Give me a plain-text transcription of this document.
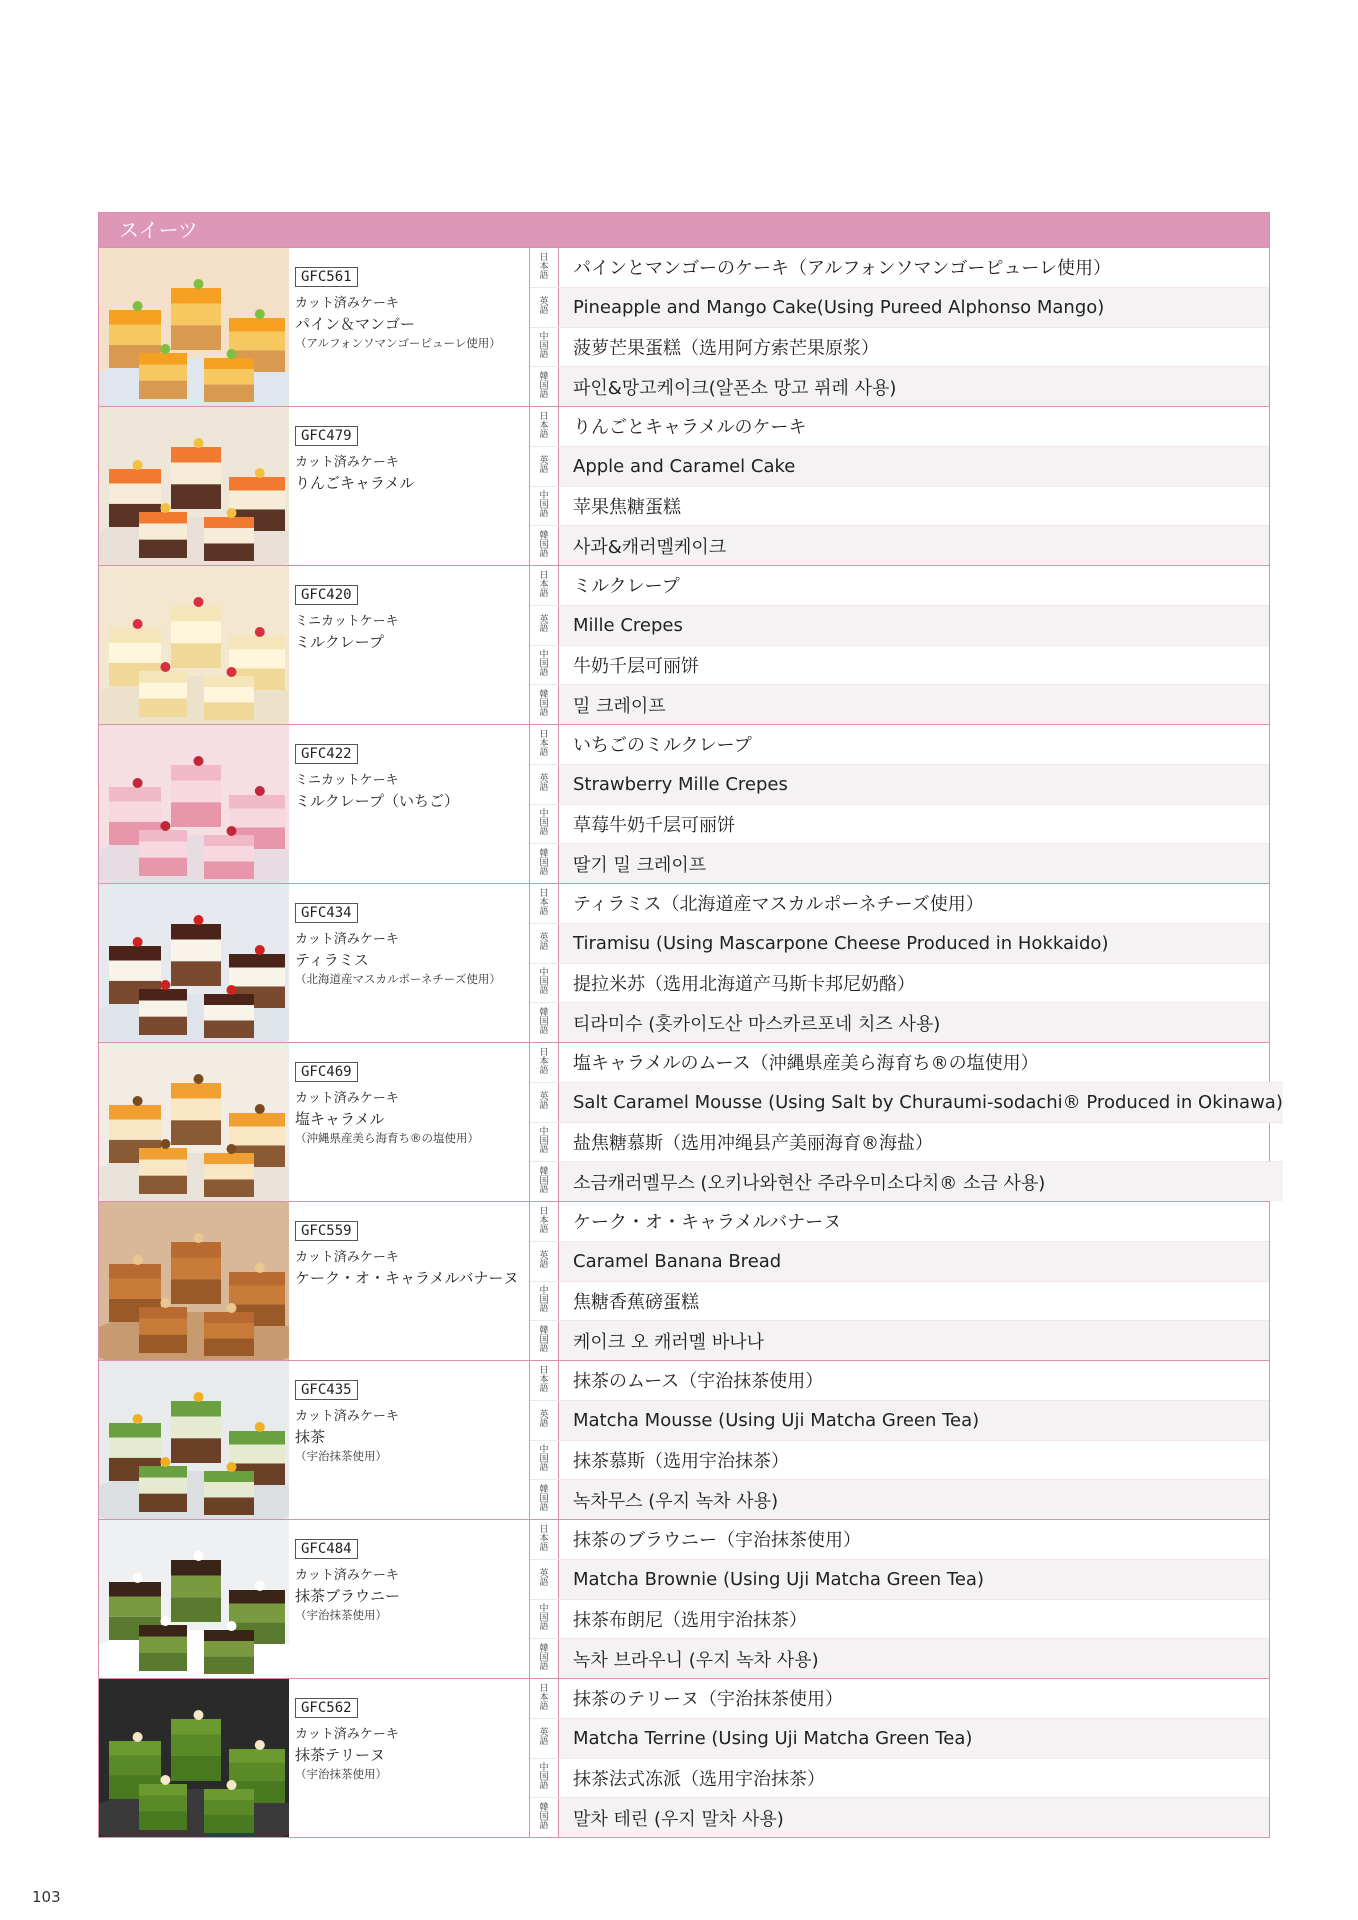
スイーツ
GFC561
カット済みケーキ
パイン＆マンゴー
（アルフォンソマンゴーピューレ使用）
日本語	パインとマンゴーのケーキ（アルフォンソマンゴーピューレ使用）
英語	Pineapple and Mango Cake(Using Pureed Alphonso Mango)
中国語	菠萝芒果蛋糕（选用阿方索芒果原浆）
韓国語	파인&망고케이크(알폰소 망고 퓌레 사용)
GFC479
カット済みケーキ
りんごキャラメル
日本語	りんごとキャラメルのケーキ
英語	Apple and Caramel Cake
中国語	苹果焦糖蛋糕
韓国語	사과&캐러멜케이크
GFC420
ミニカットケーキ
ミルクレープ
日本語	ミルクレープ
英語	Mille Crepes
中国語	牛奶千层可丽饼
韓国語	밀 크레이프
GFC422
ミニカットケーキ
ミルクレープ（いちご）
日本語	いちごのミルクレープ
英語	Strawberry Mille Crepes
中国語	草莓牛奶千层可丽饼
韓国語	딸기 밀 크레이프
GFC434
カット済みケーキ
ティラミス
（北海道産マスカルポーネチーズ使用）
日本語	ティラミス（北海道産マスカルポーネチーズ使用）
英語	Tiramisu (Using Mascarpone Cheese Produced in Hokkaido)
中国語	提拉米苏（选用北海道产马斯卡邦尼奶酪）
韓国語	티라미수 (홋카이도산 마스카르포네 치즈 사용)
GFC469
カット済みケーキ
塩キャラメル
（沖縄県産美ら海育ち®の塩使用）
日本語	塩キャラメルのムース（沖縄県産美ら海育ち®の塩使用）
英語	Salt Caramel Mousse (Using Salt by Churaumi-sodachi® Produced in Okinawa)
中国語	盐焦糖慕斯（选用冲绳县产美丽海育®海盐）
韓国語	소금캐러멜무스 (오키나와현산 주라우미소다치® 소금 사용)
GFC559
カット済みケーキ
ケーク・オ・キャラメルバナーヌ
日本語	ケーク・オ・キャラメルバナーヌ
英語	Caramel Banana Bread
中国語	焦糖香蕉磅蛋糕
韓国語	케이크 오 캐러멜 바나나
GFC435
カット済みケーキ
抹茶
（宇治抹茶使用）
日本語	抹茶のムース（宇治抹茶使用）
英語	Matcha Mousse (Using Uji Matcha Green Tea)
中国語	抹茶慕斯（选用宇治抹茶）
韓国語	녹차무스 (우지 녹차 사용)
GFC484
カット済みケーキ
抹茶ブラウニー
（宇治抹茶使用）
日本語	抹茶のブラウニー（宇治抹茶使用）
英語	Matcha Brownie (Using Uji Matcha Green Tea)
中国語	抹茶布朗尼（选用宇治抹茶）
韓国語	녹차 브라우니 (우지 녹차 사용)
GFC562
カット済みケーキ
抹茶テリーヌ
（宇治抹茶使用）
日本語	抹茶のテリーヌ（宇治抹茶使用）
英語	Matcha Terrine (Using Uji Matcha Green Tea)
中国語	抹茶法式冻派（选用宇治抹茶）
韓国語	말차 테린 (우지 말차 사용)
103
